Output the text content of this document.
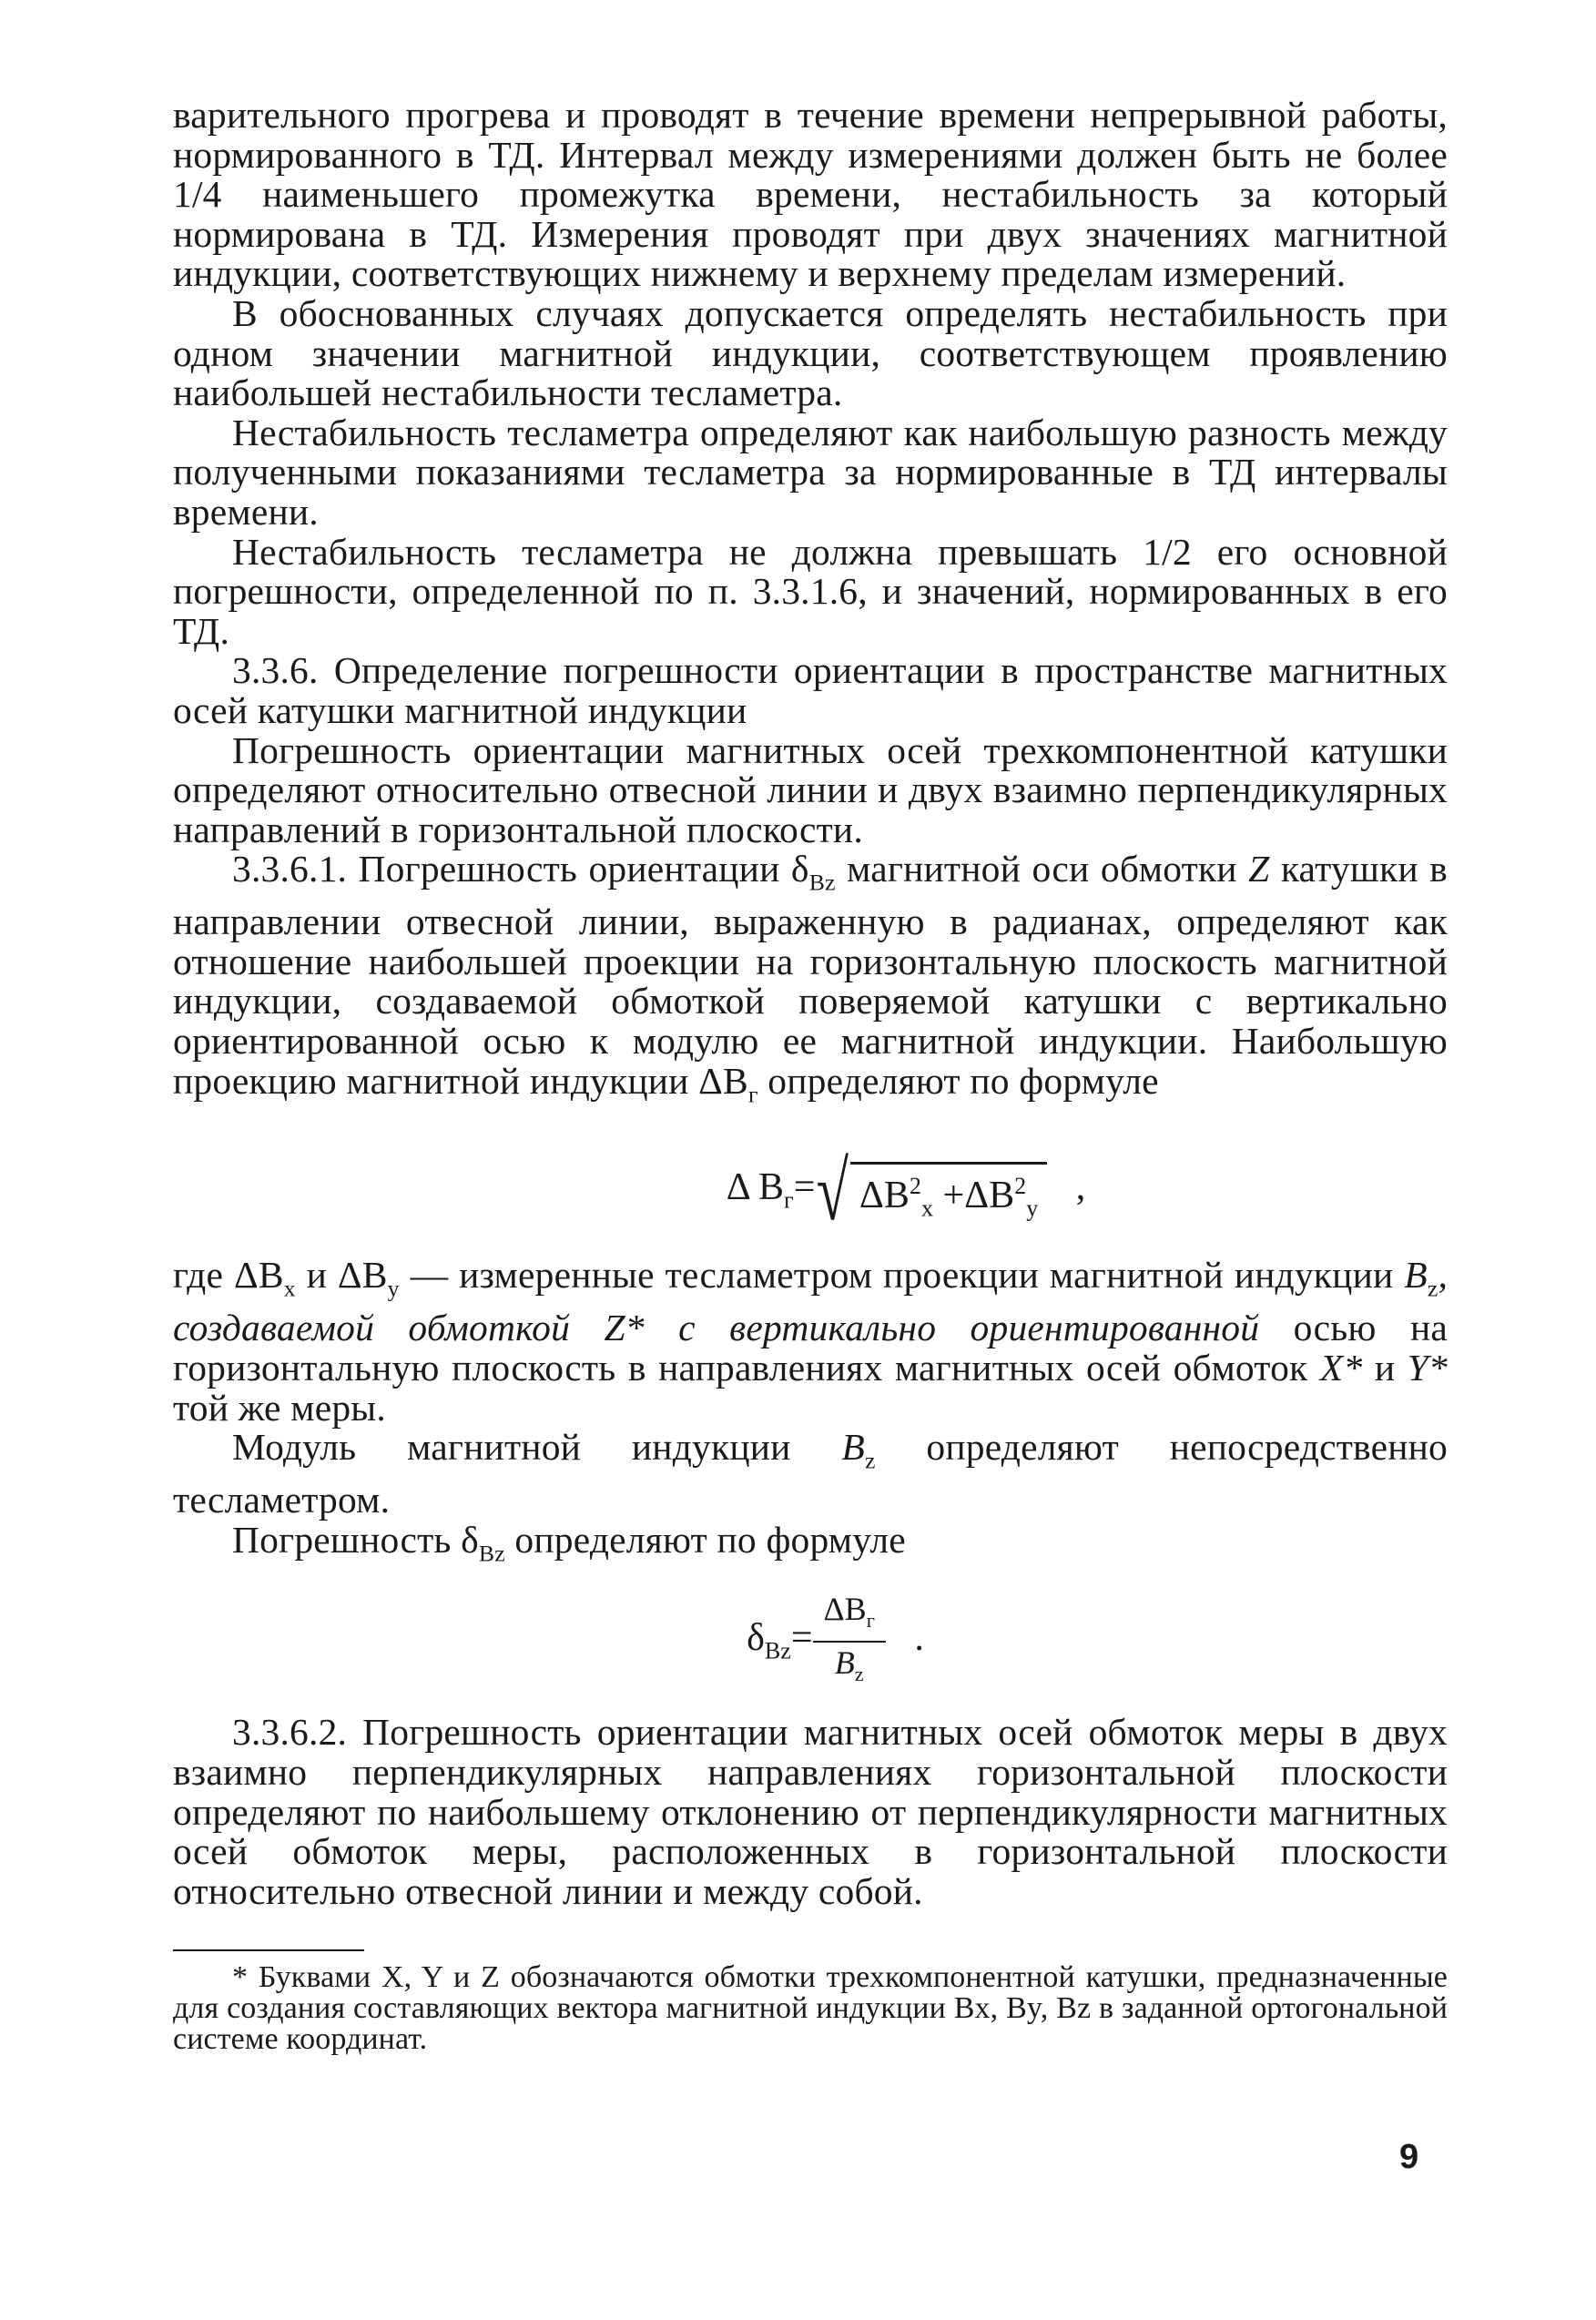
варительного прогрева и проводят в течение времени непрерывной работы, нормированного в ТД. Интервал между измерениями должен быть не более 1/4 наименьшего промежутка времени, нестабильность за который нормирована в ТД. Измерения проводят при двух значениях магнитной индукции, соответствующих нижнему и верхнему пределам измерений.

В обоснованных случаях допускается определять нестабильность при одном значении магнитной индукции, соответствующем проявлению наибольшей нестабильности тесламетра.

Нестабильность тесламетра определяют как наибольшую разность между полученными показаниями тесламетра за нормированные в ТД интервалы времени.

Нестабильность тесламетра не должна превышать 1/2 его основной погрешности, определенной по п. 3.3.1.6, и значений, нормированных в его ТД.

3.3.6. Определение погрешности ориентации в пространстве магнитных осей катушки магнитной индукции

Погрешность ориентации магнитных осей трехкомпонентной катушки определяют относительно отвесной линии и двух взаимно перпендикулярных направлений в горизонтальной плоскости.

3.3.6.1. Погрешность ориентации $\delta_{Bz}$ магнитной оси обмотки Z катушки в направлении отвесной линии, выраженную в радианах, определяют как отношение наибольшей проекции на горизонтальную плоскость магнитной индукции, создаваемой обмоткой поверяемой катушки с вертикально ориентированной осью к модулю ее магнитной индукции. Наибольшую проекцию магнитной индукции $\Delta B_г$ определяют по формуле

Δ $B_г=√$ $\Delta B^2_x +\Delta B^2_y$ ,

где $\Delta B_x$ и $\Delta B_y$ — измеренные тесламетром проекции магнитной индукции $B_z$, создаваемой обмоткой Z* с вертикально ориентированной осью на горизонтальную плоскость в направлениях магнитных осей обмоток X* и Y* той же меры.

Модуль магнитной индукции $B_z$ определяют непосредственно тесламетром.

Погрешность $\delta_{Bz}$ определяют по формуле

$\delta_{Bz}= \frac{\Delta B_г}{B_z}$ .

3.3.6.2. Погрешность ориентации магнитных осей обмоток меры в двух взаимно перпендикулярных направлениях горизонтальной плоскости определяют по наибольшему отклонению от перпендикулярности магнитных осей обмоток меры, расположенных в горизонтальной плоскости относительно отвесной линии и между собой.

* Буквами X, Y и Z обозначаются обмотки трехкомпонентной катушки, предназначенные для создания составляющих вектора магнитной индукции Bx, By, Bz в заданной ортогональной системе координат.

9
